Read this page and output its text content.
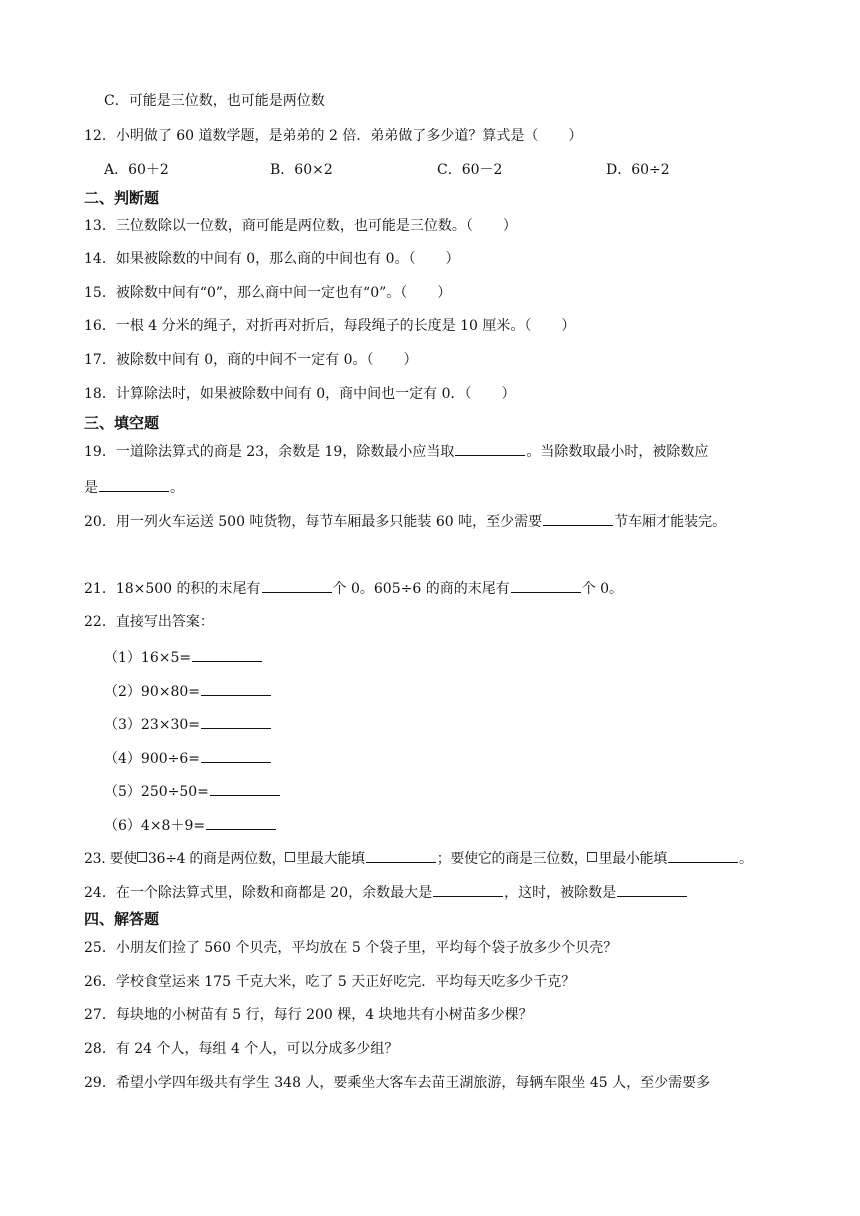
C．可能是三位数，也可能是两位数
12．小明做了 60 道数学题，是弟弟的 2 倍．弟弟做了多少道？算式是（ ）
A．60＋2	B．60×2	C．60－2	D．60÷2
二、判断题
13．三位数除以一位数，商可能是两位数，也可能是三位数。（ ）
14．如果被除数的中间有 0，那么商的中间也有 0。（ ）
15．被除数中间有“0”，那么商中间一定也有“0”。（ ）
16．一根 4 分米的绳子，对折再对折后，每段绳子的长度是 10 厘米。（ ）
17．被除数中间有 0，商的中间不一定有 0。（ ）
18．计算除法时，如果被除数中间有 0，商中间也一定有 0．（ ）
三、填空题
19．一道除法算式的商是 23，余数是 19，除数最小应当取	。当除数取最小时，被除数应
是	。
20．用一列火车运送 500 吨货物，每节车厢最多只能装 60 吨，至少需要	节车厢才能装完。
21．18×500 的积的末尾有	个 0。605÷6 的商的末尾有	个 0。
22．直接写出答案：
（1）16×5=
（2）90×80=
（3）23×30=
（4）900÷6=
（5）250÷50=
（6）4×8＋9=
23. 要使 36÷4 的商是两位数， 里最大能填	；要使它的商是三位数， 里最小能填	。
24．在一个除法算式里，除数和商都是 20，余数最大是	，这时，被除数是
四、解答题
25．小朋友们捡了 560 个贝壳，平均放在 5 个袋子里，平均每个袋子放多少个贝壳？
26．学校食堂运来 175 千克大米，吃了 5 天正好吃完．平均每天吃多少千克？
27．每块地的小树苗有 5 行，每行 200 棵，4 块地共有小树苗多少棵？
28．有 24 个人，每组 4 个人，可以分成多少组？
29．希望小学四年级共有学生 348 人，要乘坐大客车去苗王湖旅游，每辆车限坐 45 人，至少需要多
